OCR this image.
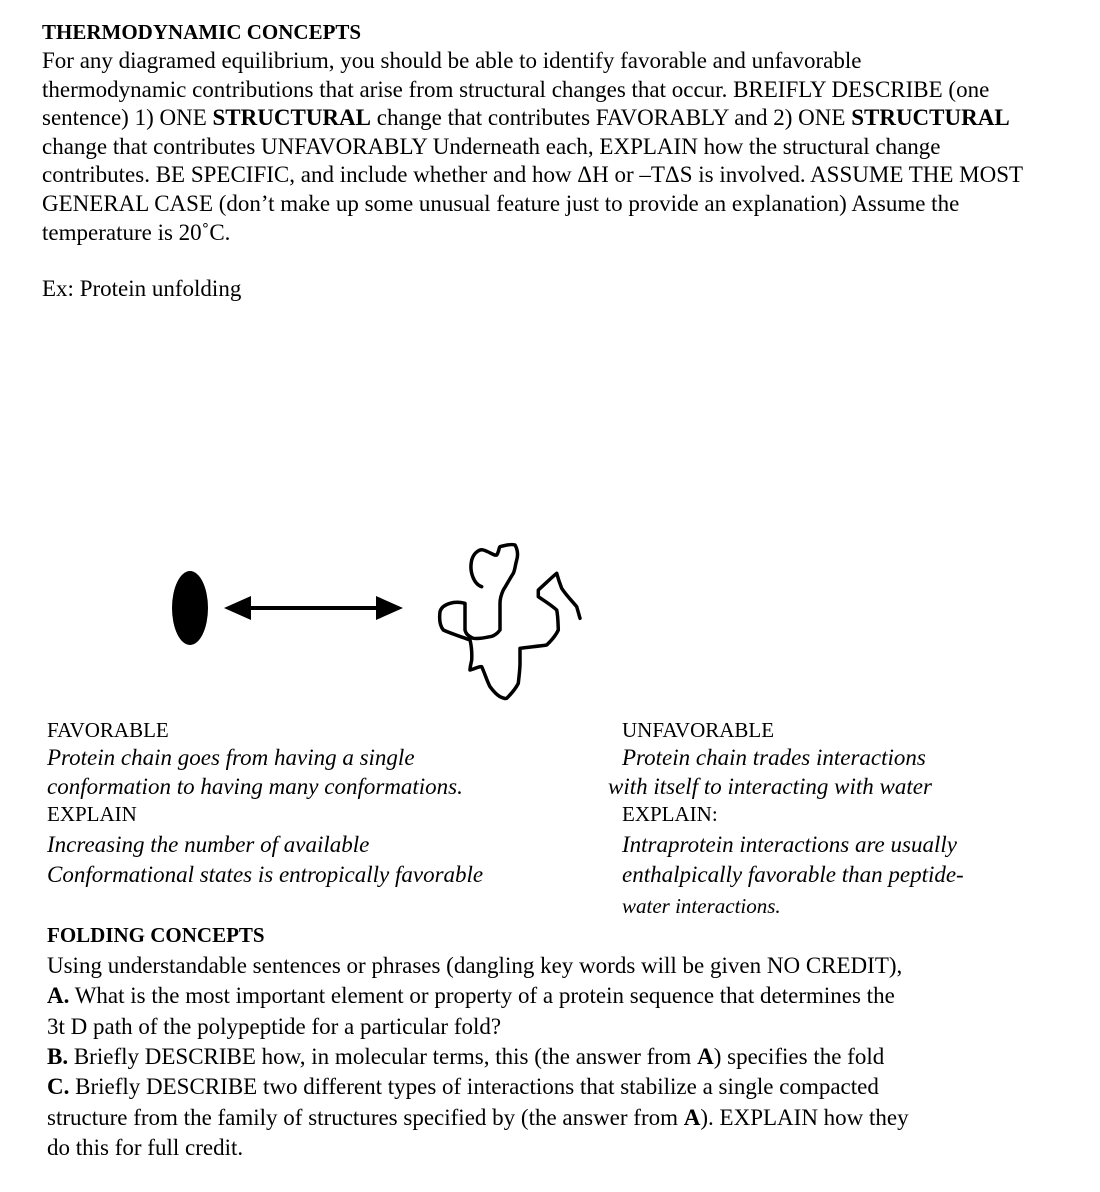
THERMODYNAMIC CONCEPTS
For any diagramed equilibrium, you should be able to identify favorable and unfavorable
thermodynamic contributions that arise from structural changes that occur. BREIFLY DESCRIBE (one
sentence) 1) ONE STRUCTURAL change that contributes FAVORABLY and 2) ONE STRUCTURAL
change that contributes UNFAVORABLY Underneath each, EXPLAIN how the structural change
contributes. BE SPECIFIC, and include whether and how ΔH or –TΔS is involved. ASSUME THE MOST
GENERAL CASE (don’t make up some unusual feature just to provide an explanation) Assume the
temperature is 20˚C.
Ex: Protein unfolding
FAVORABLE
Protein chain goes from having a single
conformation to having many conformations.
EXPLAIN
Increasing the number of available
Conformational states is entropically favorable
UNFAVORABLE
Protein chain trades interactions
with itself to interacting with water
EXPLAIN:
Intraprotein interactions are usually
enthalpically favorable than peptide-
water interactions.
FOLDING CONCEPTS
Using understandable sentences or phrases (dangling key words will be given NO CREDIT),
A. What is the most important element or property of a protein sequence that determines the
3t D path of the polypeptide for a particular fold?
B. Briefly DESCRIBE how, in molecular terms, this (the answer from A) specifies the fold
C. Briefly DESCRIBE two different types of interactions that stabilize a single compacted
structure from the family of structures specified by (the answer from A). EXPLAIN how they
do this for full credit.
